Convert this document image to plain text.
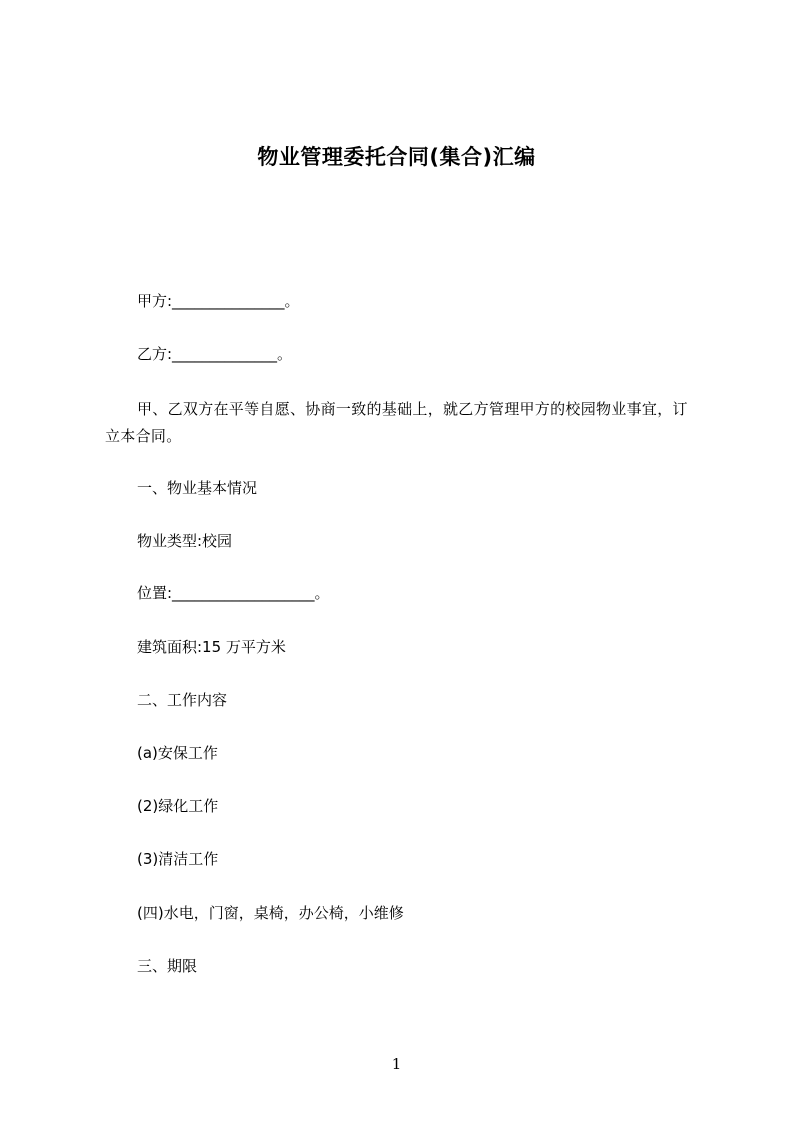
物业管理委托合同(集合)汇编
甲方:_______________。
乙方:______________。
甲、乙双方在平等自愿、协商一致的基础上，就乙方管理甲方的校园物业事宜，订立本合同。
一、物业基本情况
物业类型:校园
位置:___________________。
建筑面积:15 万平方米
二、工作内容
(a)安保工作
(2)绿化工作
(3)清洁工作
(四)水电，门窗，桌椅，办公椅，小维修
三、期限
1
